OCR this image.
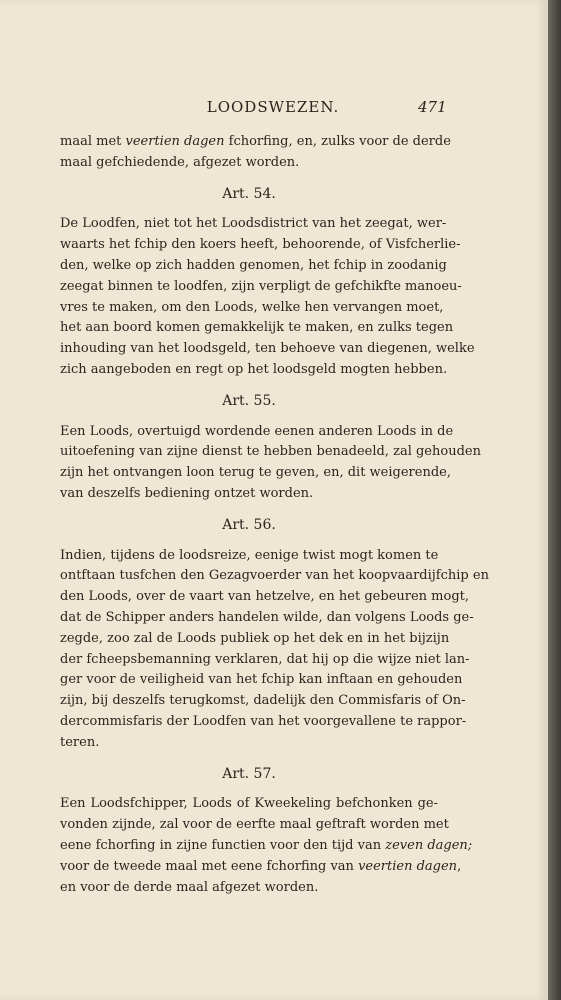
LOODSWEZEN.	471
maal met veertien dagen fchorfing, en, zulks voor de derde
maal gefchiedende, afgezet worden.
Art. 54.
De Loodfen, niet tot het Loodsdistrict van het zeegat, wer-
waarts het fchip den koers heeft, behoorende, of Visfcherlie-
den, welke op zich hadden genomen, het fchip in zoodanig
zeegat binnen te loodfen, zijn verpligt de gefchikfte manoeu-
vres te maken, om den Loods, welke hen vervangen moet,
het aan boord komen gemakkelijk te maken, en zulks tegen
inhouding van het loodsgeld, ten behoeve van diegenen, welke
zich aangeboden en regt op het loodsgeld mogten hebben.
Art. 55.
Een Loods, overtuigd wordende eenen anderen Loods in de
uitoefening van zijne dienst te hebben benadeeld, zal gehouden
zijn het ontvangen loon terug te geven, en, dit weigerende,
van deszelfs bediening ontzet worden.
Art. 56.
Indien, tijdens de loodsreize, eenige twist mogt komen te
ontftaan tusfchen den Gezagvoerder van het koopvaardijfchip en
den Loods, over de vaart van hetzelve, en het gebeuren mogt,
dat de Schipper anders handelen wilde, dan volgens Loods ge-
zegde, zoo zal de Loods publiek op het dek en in het bijzijn
der fcheepsbemanning verklaren, dat hij op die wijze niet lan-
ger voor de veiligheid van het fchip kan inftaan en gehouden
zijn, bij deszelfs terugkomst, dadelijk den Commisfaris of On-
dercommisfaris der Loodfen van het voorgevallene te rappor-
teren.
Art. 57.
Een Loodsfchipper, Loods of Kweekeling befchonken ge-
vonden zijnde, zal voor de eerfte maal geftraft worden met
eene fchorfing in zijne functien voor den tijd van zeven dagen;
voor de tweede maal met eene fchorfing van veertien dagen,
en voor de derde maal afgezet worden.
